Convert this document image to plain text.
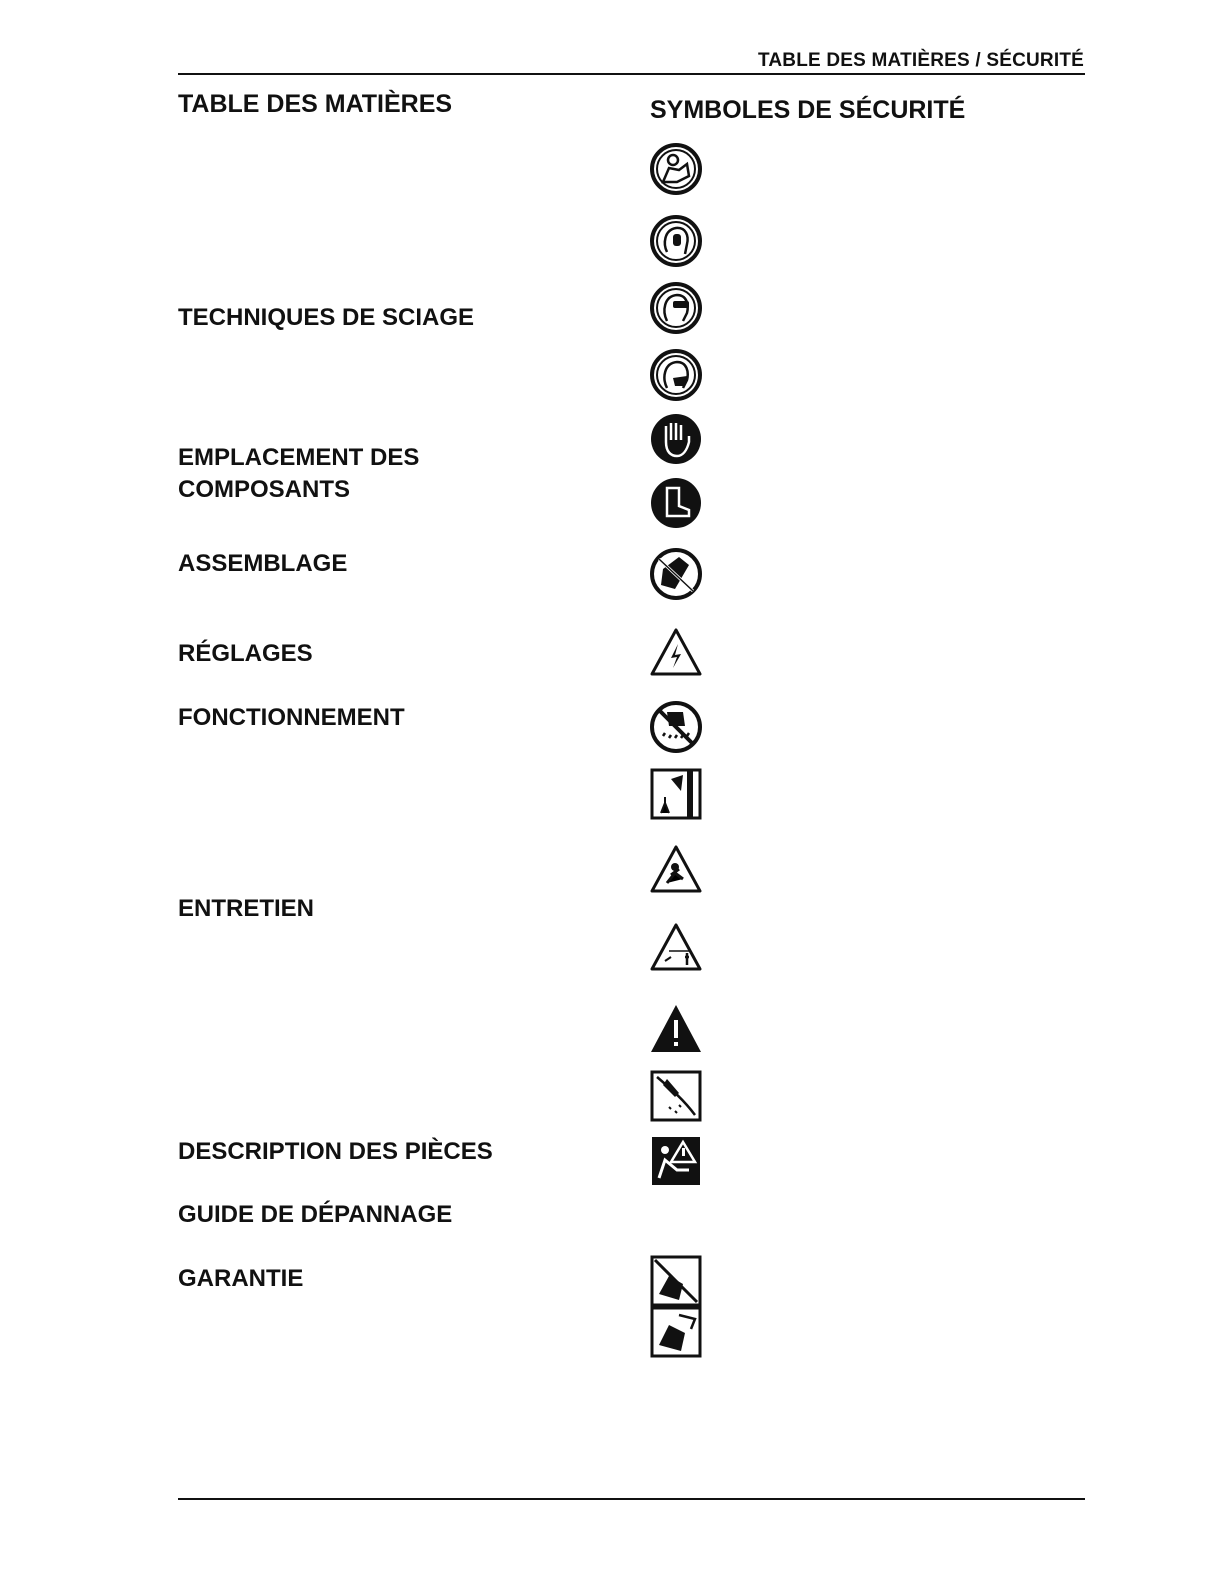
TABLE DES MATIÈRES / SÉCURITÉ
TABLE DES MATIÈRES
TECHNIQUES DE SCIAGE
EMPLACEMENT DES
COMPOSANTS
ASSEMBLAGE
RÉGLAGES
FONCTIONNEMENT
ENTRETIEN
DESCRIPTION DES PIÈCES
GUIDE DE DÉPANNAGE
GARANTIE
SYMBOLES DE SÉCURITÉ
